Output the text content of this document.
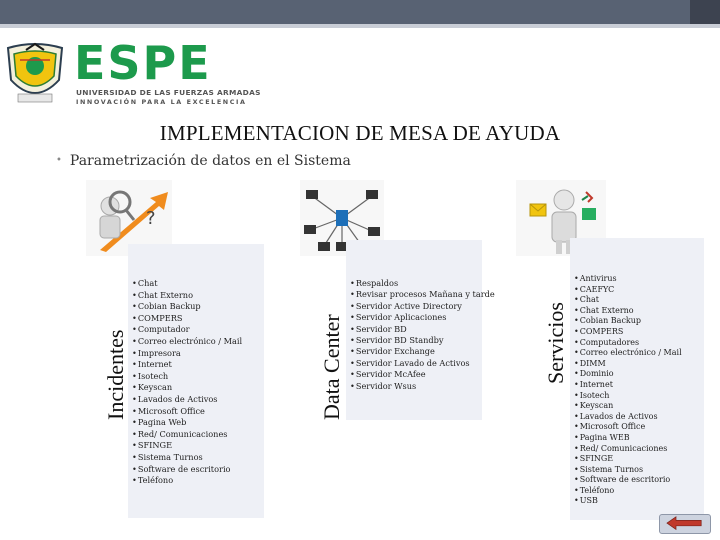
ESPE
UNIVERSIDAD DE LAS FUERZAS ARMADAS
INNOVACIÓN PARA LA EXCELENCIA
IMPLEMENTACION DE MESA DE AYUDA
• Parametrización de datos en el Sistema
?
Incidentes
• Chat
• Chat Externo
• Cobian Backup
• COMPERS
• Computador
• Correo electrónico / Mail
• Impresora
• Internet
• Isotech
• Keyscan
• Lavados de Activos
• Microsoft Office
• Pagina Web
• Red/ Comunicaciones
• SFINGE
• Sistema Turnos
• Software de escritorio
• Teléfono
Data Center
• Respaldos
• Revisar procesos Mañana y tarde
• Servidor Active Directory
• Servidor Aplicaciones
• Servidor BD
• Servidor BD Standby
• Servidor Exchange
• Servidor Lavado de Activos
• Servidor McAfee
• Servidor Wsus
Servicios
• Antivirus
• CAEFYC
• Chat
• Chat Externo
• Cobian Backup
• COMPERS
• Computadores
• Correo electrónico / Mail
• DIMM
• Dominio
• Internet
• Isotech
• Keyscan
• Lavados de Activos
• Microsoft Office
• Pagina WEB
• Red/ Comunicaciones
• SFINGE
• Sistema Turnos
• Software de escritorio
• Teléfono
• USB
